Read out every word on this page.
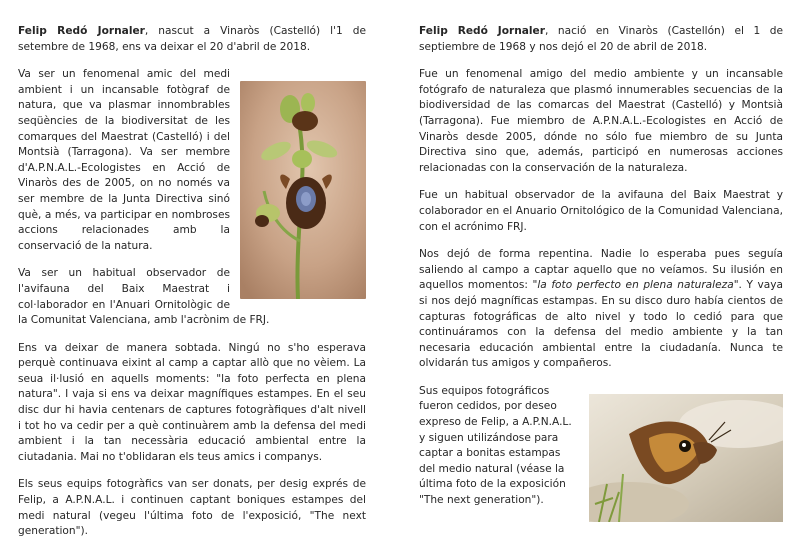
Felip Redó Jornaler, nascut a Vinaròs (Castelló) l'1 de setembre de 1968, ens va deixar el 20 d'abril de 2018.

Va ser un fenomenal amic del medi ambient i un incansable fotògraf de natura, que va plasmar innombrables seqüències de la biodiversitat de les comarques del Maestrat (Castelló) i del Montsià (Tarragona). Va ser membre d'A.P.N.A.L.-Ecologistes en Acció de Vinaròs des de 2005, on no només va ser membre de la Junta Directiva sinó què, a més, va participar en nombroses accions relacionades amb la conservació de la natura.

Va ser un habitual observador de l'avifauna del Baix Maestrat i col·laborador en l'Anuari Ornitològic de la Comunitat Valenciana, amb l'acrònim de FRJ.

Ens va deixar de manera sobtada. Ningú no s'ho esperava perquè continuava eixint al camp a captar allò que no vèiem. La seua il·lusió en aquells moments: "la foto perfecta en plena natura". I vaja si ens va deixar magnífiques estampes. En el seu disc dur hi havia centenars de captures fotogràfiques d'alt nivell i tot ho va cedir per a què continuàrem amb la defensa del medi ambient i la tan necessària educació ambiental entre la ciutadania. Mai no t'oblidaran els teus amics i companys.

Els seus equips fotogràfics van ser donats, per desig exprés de Felip, a A.P.N.A.L. i continuen captant boniques estampes del medi natural (vegeu l'última foto de l'exposició, "The next generation").

Felip Redó Jornaler, nació en Vinaròs (Castellón) el 1 de septiembre de 1968 y nos dejó el 20 de abril de 2018.

Fue un fenomenal amigo del medio ambiente y un incansable fotógrafo de naturaleza que plasmó innumerables secuencias de la biodiversidad de las comarcas del Maestrat (Castelló) y Montsià (Tarragona). Fue miembro de A.P.N.A.L.-Ecologistes en Acció de Vinaròs desde 2005, dónde no sólo fue miembro de su Junta Directiva sino que, además, participó en numerosas acciones relacionadas con la conservación de la naturaleza.

Fue un habitual observador de la avifauna del Baix Maestrat y colaborador en el Anuario Ornitológico de la Comunidad Valenciana, con el acrónimo FRJ.

Nos dejó de forma repentina. Nadie lo esperaba pues seguía saliendo al campo a captar aquello que no veíamos. Su ilusión en aquellos momentos: "la foto perfecto en plena naturaleza". Y vaya si nos dejó magníficas estampas. En su disco duro había cientos de capturas fotográficas de alto nivel y todo lo cedió para que continuáramos con la defensa del medio ambiente y la tan necesaria educación ambiental entre la ciudadanía. Nunca te olvidarán tus amigos y compañeros.

Sus equipos fotográficos fueron cedidos, por deseo expreso de Felip, a A.P.N.A.L. y siguen utilizándose para captar a bonitas estampas del medio natural (véase la última foto de la exposición "The next generation").
